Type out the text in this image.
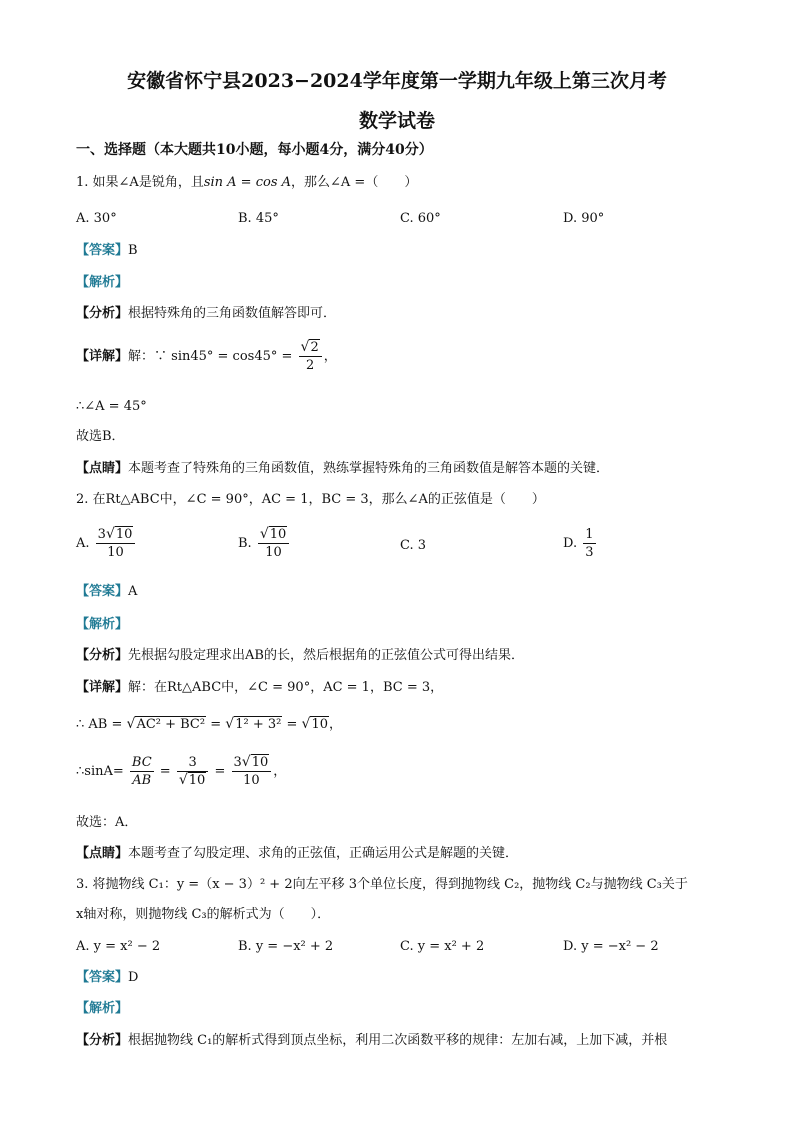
安徽省怀宁县2023−2024学年度第一学期九年级上第三次月考
数学试卷
一、选择题（本大题共10小题，每小题4分，满分40分）
1. 如果∠A是锐角，且sin A = cos A，那么∠A =（　　）
A. 30°	B. 45°	C. 60°	D. 90°
【答案】B
【解析】
【分析】根据特殊角的三角函数值解答即可．
【详解】解：∵ $\sin 45^\circ = \cos 45^\circ = \frac{√2}{2}$ ，
∴∠A = 45°
故选B．
【点睛】本题考查了特殊角的三角函数值，熟练掌握特殊角的三角函数值是解答本题的关键．
2. 在Rt△ABC中，∠C = 90°，AC = 1，BC = 3，那么∠A的正弦值是（　　）
A. $\frac{3√10}{10}$	B. $\frac{√10}{10}$	C. 3	D. $\frac{1}{3}$
【答案】A
【解析】
【分析】先根据勾股定理求出AB的长，然后根据角的正弦值公式可得出结果．
【详解】解：在Rt△ABC中，∠C = 90°，AC = 1，BC = 3，
∴ AB = √AC² + BC² = √1² + 3² = √10，
∴sinA= $\frac{BC}{AB} = \frac{3}{√10} = \frac{3√10}{10}$ ，
故选：A．
【点睛】本题考查了勾股定理、求角的正弦值，正确运用公式是解题的关键．
3. 将抛物线 C₁：y =（x − 3）² + 2向左平移 3个单位长度，得到抛物线 C₂，抛物线 C₂与抛物线 C₃关于
x轴对称，则抛物线 C₃的解析式为（　　）．
A. y = x² − 2	B. y = −x² + 2	C. y = x² + 2	D. y = −x² − 2
【答案】D
【解析】
【分析】根据抛物线 C₁的解析式得到顶点坐标，利用二次函数平移的规律：左加右减，上加下减，并根
